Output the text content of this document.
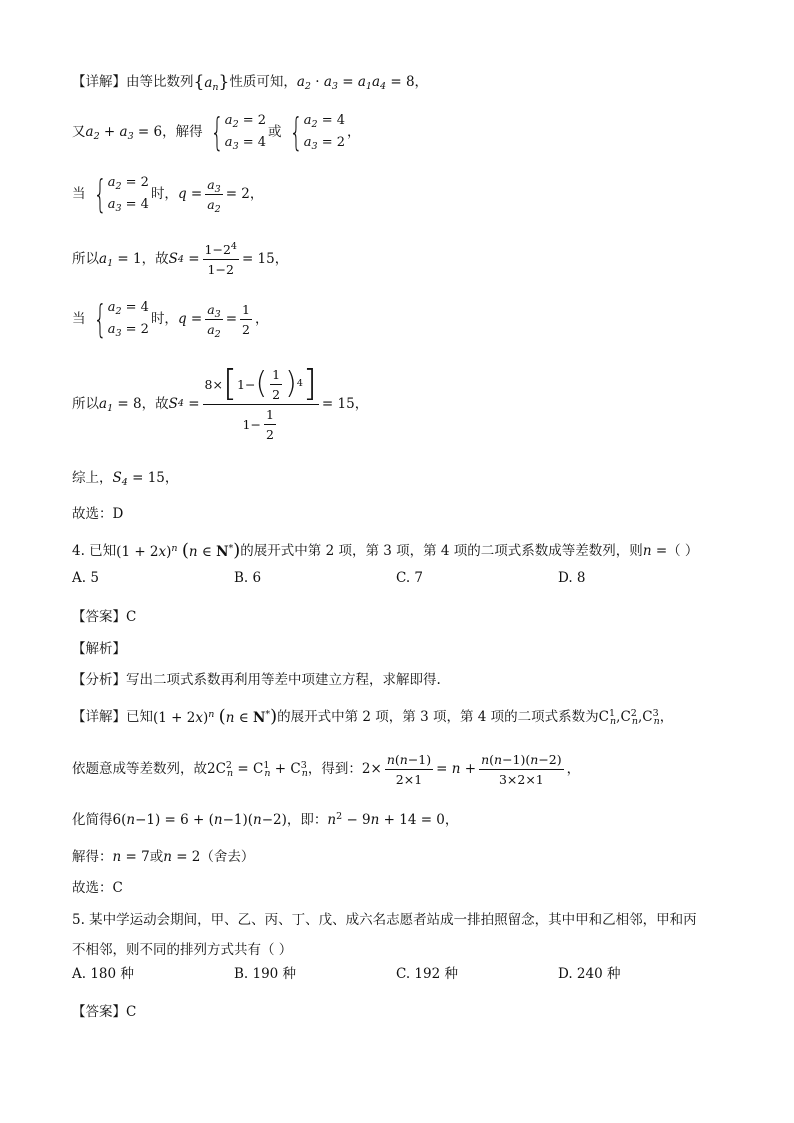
【详解】 由等比数列 $\{a_n\}$ 性质可知， $a_2 \cdot a_3 = a_1a_4 = 8$ ，
又 $a_2 + a_3 = 6$ ，解得 { $a_2 = 2$
$a_3 = 4$
或 { $a_2 = 4$
$a_3 = 2$
，
当 { $a_2 = 2$
$a_3 = 4$
时， $q = \frac{a_3}{a_2} = 2$ ，
所以 $a_1 = 1$ ，故 S $4 = \frac{1-2^4}{1-2} = 15$ ，
当 { $a_2 = 4$
$a_3 = 2$
时， $q = \frac{a_3}{a_2} = \frac{1}{2}$ ，
所以 $a_1 = 8$ ，故 S $4 = \frac{8\times [ 1- ( \frac{1}{2} ) 4 ]}{1- \frac{1}{2}} = 15$ ，
综上， $S_4 = 15$ ，
故选：D
4. 已知 $(1 + 2x)^n$ (n ∈ N*) 的展开式中第 2 项，第 3 项，第 4 项的二项式系数成等差数列，则 n = （ ）
A. 5	B. 6	C. 7	D. 8
【答案】C
【解析】
【分析】写出二项式系数再利用等差中项建立方程，求解即得.
【详解】 已知 $(1 + 2x)^n$ (n ∈ N*) 的展开式中第 2 项，第 3 项，第 4 项的二项式系数为 $C^1_n,C^2_n,C^3_n$ ，
依题意成等差数列，故 $2C^2_n = C^1_n + C^3_n$ ，得到： $2\times \frac{n(n-1)}{2\times 1} = n + \frac{n(n-1)(n-2)}{3\times 2\times 1}$ ，
化简得 6(n−1) = 6 + (n−1)(n−2) ，即： $n^2 - 9n + 14 = 0$ ，
解得： n = 7 或 n = 2 （舍去）
故选：C
5. 某中学运动会期间，甲、乙、丙、丁、戊、成六名志愿者站成一排拍照留念，其中甲和乙相邻，甲和丙
不相邻，则不同的排列方式共有（ ）
A. 180 种	B. 190 种	C. 192 种	D. 240 种
【答案】C
